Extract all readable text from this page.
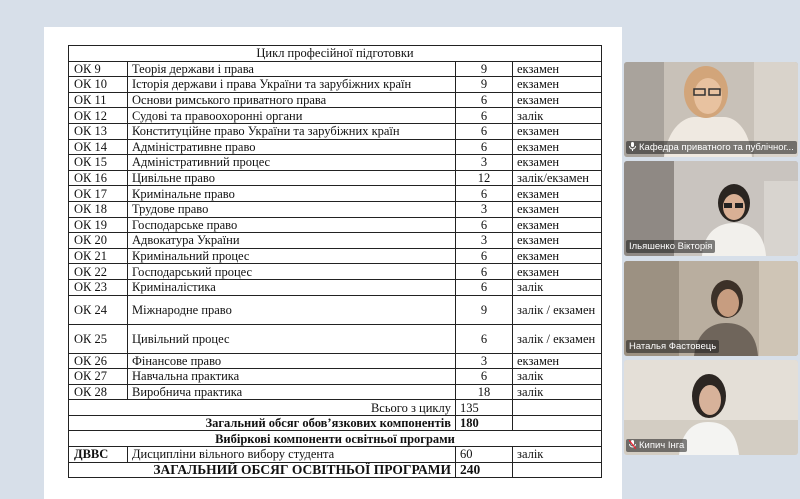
Цикл професійної підготовки			
ОК 9	Теорія держави і права	9	екзамен
ОК 10	Історія держави і права України та зарубіжних країн	9	екзамен
ОК 11	Основи римського приватного права	6	екзамен
ОК 12	Судові та правоохоронні органи	6	залік
ОК 13	Конституційне право України та зарубіжних країн	6	екзамен
ОК 14	Адміністративне право	6	екзамен
ОК 15	Адміністративний процес	3	екзамен
ОК 16	Цивільне право	12	залік/екзамен
ОК 17	Кримінальне право	6	екзамен
ОК 18	Трудове право	3	екзамен
ОК 19	Господарське право	6	екзамен
ОК 20	Адвокатура України	3	екзамен
ОК 21	Кримінальний процес	6	екзамен
ОК 22	Господарський процес	6	екзамен
ОК 23	Криміналістика	6	залік
ОК 24	Міжнародне право	9	залік / екзамен
ОК 25	Цивільний процес	6	залік / екзамен
ОК 26	Фінансове право	3	екзамен
ОК 27	Навчальна практика	6	залік
ОК 28	Виробнича практика	18	залік
Всього з циклу		135	
Загальний обсяг обов’язкових компонентів		180	
Вибіркові компоненти освітньої програми			
ДВВС	Дисципліни вільного вибору студента	60	залік
ЗАГАЛЬНИЙ ОБСЯГ ОСВІТНЬОЇ ПРОГРАМИ		240	
Кафедра приватного та публічног...
Ільяшенко Вікторія
Наталья Фастовець
Кипич Інга
